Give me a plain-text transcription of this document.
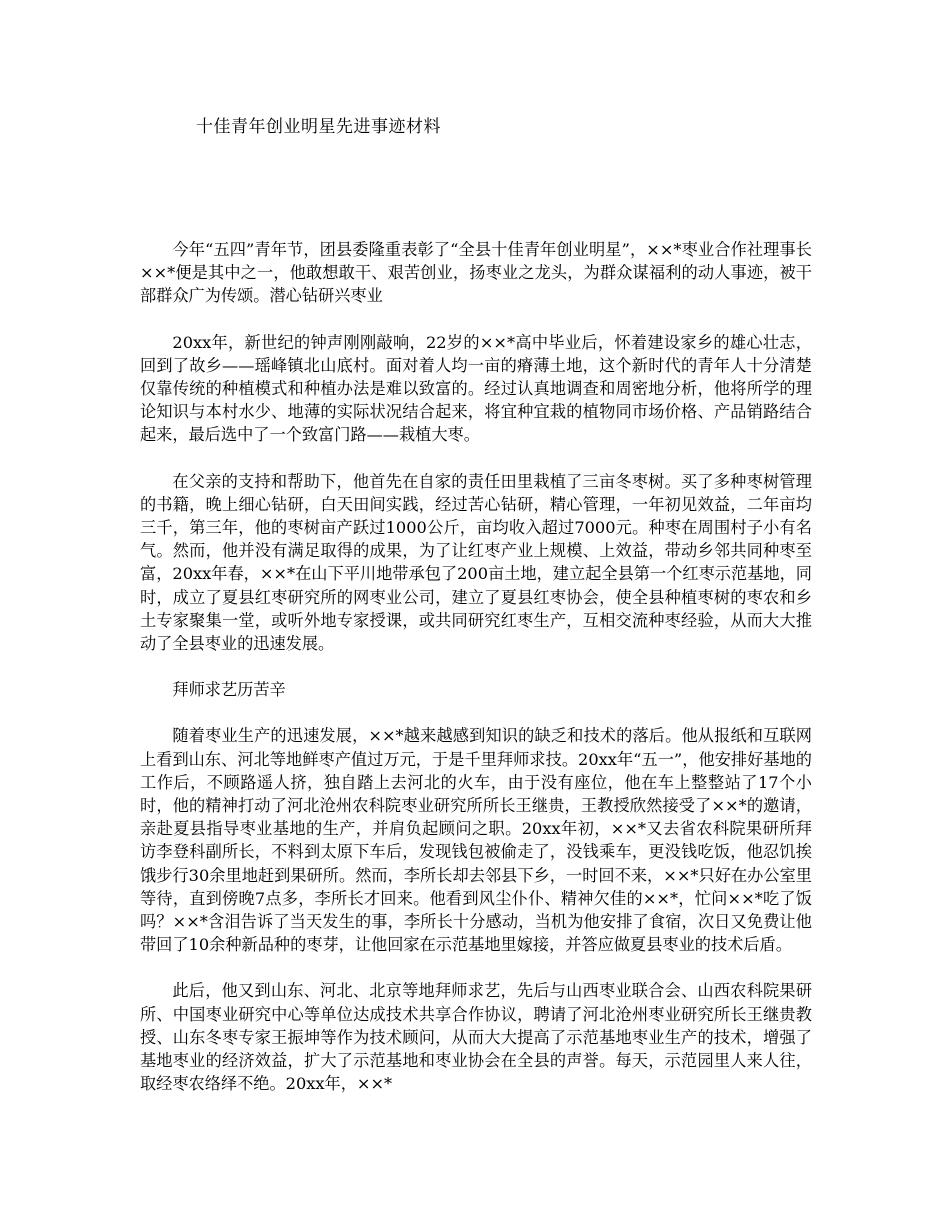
十佳青年创业明星先进事迹材料

今年“五四”青年节，团县委隆重表彰了“全县十佳青年创业明星”，××*枣业合作社理事长××*便是其中之一，他敢想敢干、艰苦创业，扬枣业之龙头，为群众谋福利的动人事迹，被干部群众广为传颂。潜心钻研兴枣业

20xx年，新世纪的钟声刚刚敲响，22岁的××*高中毕业后，怀着建设家乡的雄心壮志，回到了故乡——瑶峰镇北山底村。面对着人均一亩的瘠薄土地，这个新时代的青年人十分清楚仅靠传统的种植模式和种植办法是难以致富的。经过认真地调查和周密地分析，他将所学的理论知识与本村水少、地薄的实际状况结合起来，将宜种宜栽的植物同市场价格、产品销路结合起来，最后选中了一个致富门路——栽植大枣。

在父亲的支持和帮助下，他首先在自家的责任田里栽植了三亩冬枣树。买了多种枣树管理的书籍，晚上细心钻研，白天田间实践，经过苦心钻研，精心管理，一年初见效益，二年亩均三千，第三年，他的枣树亩产跃过1000公斤，亩均收入超过7000元。种枣在周围村子小有名气。然而，他并没有满足取得的成果，为了让红枣产业上规模、上效益，带动乡邻共同种枣至富，20xx年春，××*在山下平川地带承包了200亩土地，建立起全县第一个红枣示范基地，同时，成立了夏县红枣研究所的网枣业公司，建立了夏县红枣协会，使全县种植枣树的枣农和乡土专家聚集一堂，或听外地专家授课，或共同研究红枣生产，互相交流种枣经验，从而大大推动了全县枣业的迅速发展。

拜师求艺历苦辛

随着枣业生产的迅速发展，××*越来越感到知识的缺乏和技术的落后。他从报纸和互联网上看到山东、河北等地鲜枣产值过万元，于是千里拜师求技。20xx年“五一”，他安排好基地的工作后，不顾路遥人挤，独自踏上去河北的火车，由于没有座位，他在车上整整站了17个小时，他的精神打动了河北沧州农科院枣业研究所所长王继贵，王教授欣然接受了××*的邀请，亲赴夏县指导枣业基地的生产，并肩负起顾问之职。20xx年初，××*又去省农科院果研所拜访李登科副所长，不料到太原下车后，发现钱包被偷走了，没钱乘车，更没钱吃饭，他忍饥挨饿步行30余里地赶到果研所。然而，李所长却去邻县下乡，一时回不来，××*只好在办公室里等待，直到傍晚7点多，李所长才回来。他看到风尘仆仆、精神欠佳的××*，忙问××*吃了饭吗？××*含泪告诉了当天发生的事，李所长十分感动，当机为他安排了食宿，次日又免费让他带回了10余种新品种的枣芽，让他回家在示范基地里嫁接，并答应做夏县枣业的技术后盾。

此后，他又到山东、河北、北京等地拜师求艺，先后与山西枣业联合会、山西农科院果研所、中国枣业研究中心等单位达成技术共享合作协议，聘请了河北沧州枣业研究所长王继贵教授、山东冬枣专家王振坤等作为技术顾问，从而大大提高了示范基地枣业生产的技术，增强了基地枣业的经济效益，扩大了示范基地和枣业协会在全县的声誉。每天，示范园里人来人往，取经枣农络绎不绝。20xx年，××*
